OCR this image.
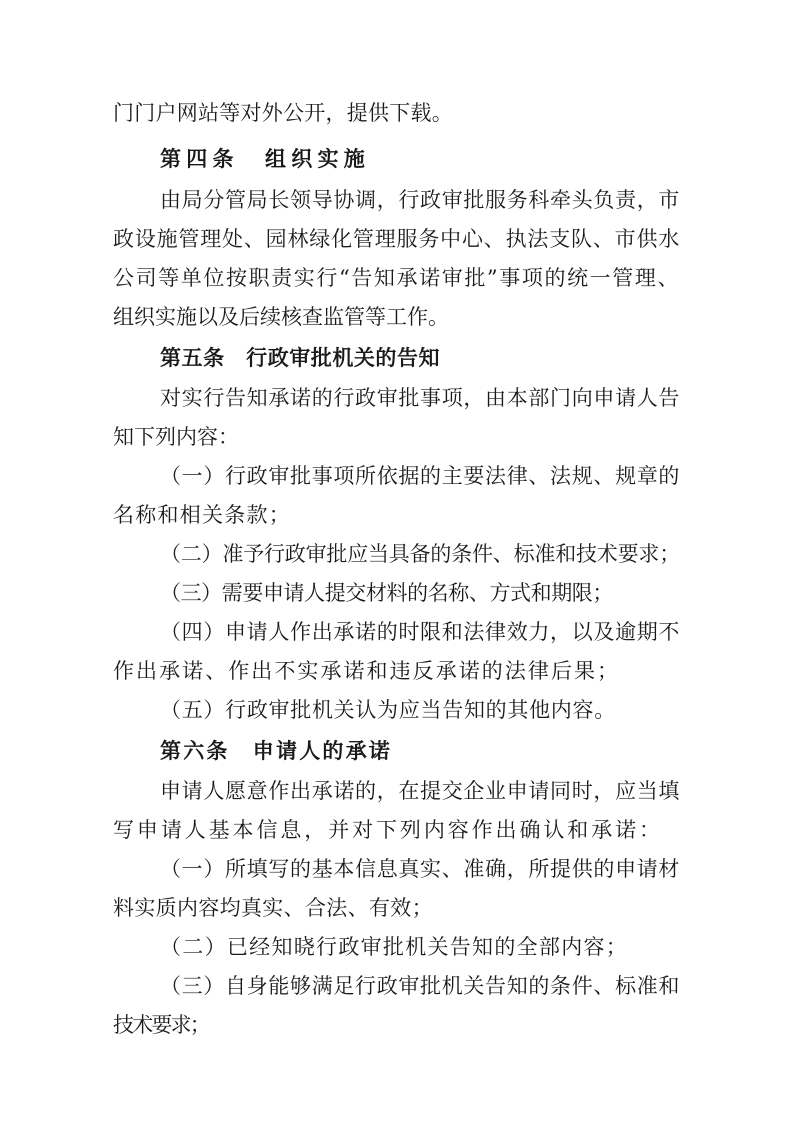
门门户网站等对外公开，提供下载。
第四条　组织实施
由局分管局长领导协调，行政审批服务科牵头负责，市
政设施管理处、园林绿化管理服务中心、执法支队、市供水
公司等单位按职责实行“告知承诺审批”事项的统一管理、
组织实施以及后续核查监管等工作。
第五条　行政审批机关的告知
对实行告知承诺的行政审批事项，由本部门向申请人告
知下列内容：
（一）行政审批事项所依据的主要法律、法规、规章的
名称和相关条款；
（二）准予行政审批应当具备的条件、标准和技术要求；
（三）需要申请人提交材料的名称、方式和期限；
（四）申请人作出承诺的时限和法律效力，以及逾期不
作出承诺、作出不实承诺和违反承诺的法律后果；
（五）行政审批机关认为应当告知的其他内容。
第六条　申请人的承诺
申请人愿意作出承诺的，在提交企业申请同时，应当填
写申请人基本信息，并对下列内容作出确认和承诺：
（一）所填写的基本信息真实、准确，所提供的申请材
料实质内容均真实、合法、有效；
（二）已经知晓行政审批机关告知的全部内容；
（三）自身能够满足行政审批机关告知的条件、标准和
技术要求；
